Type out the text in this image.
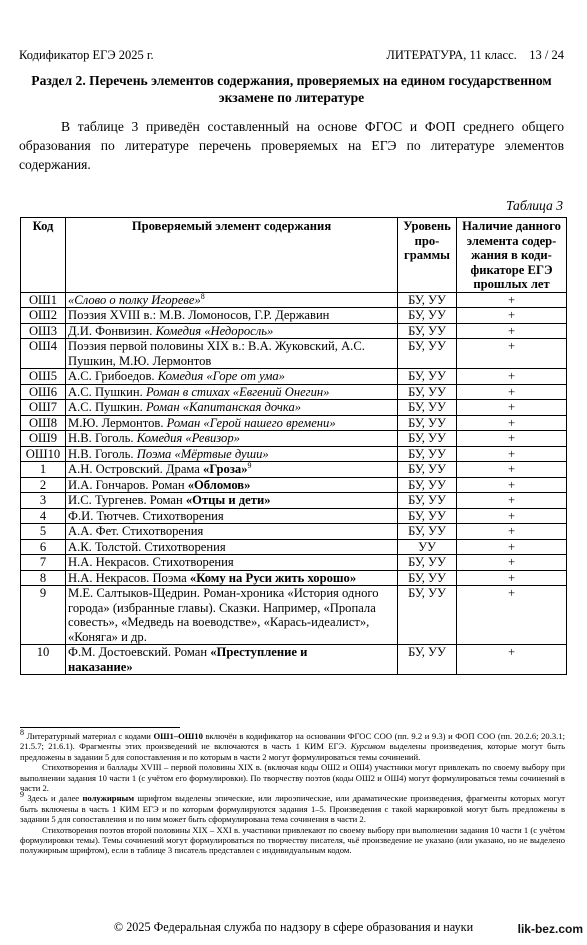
Кодификатор ЕГЭ 2025 г.	ЛИТЕРАТУРА, 11 класс.    13 / 24
Раздел 2. Перечень элементов содержания, проверяемых на едином государственном экзамене по литературе
В таблице 3 приведён составленный на основе ФГОС и ФОП среднего общего образования по литературе перечень проверяемых на ЕГЭ по литературе элементов содержания.
Таблица 3
Код	Проверяемый элемент содержания	Уровень про-граммы	Наличие данного элемента содер-жания в коди-фикаторе ЕГЭ прошлых лет
ОШ1	«Слово о полку Игореве»$^8$	БУ, УУ	+
ОШ2	Поэзия XVIII в.: М.В. Ломоносов, Г.Р. Державин	БУ, УУ	+
ОШ3	Д.И. Фонвизин. Комедия «Недоросль»	БУ, УУ	+
ОШ4	Поэзия первой половины XIX в.: В.А. Жуковский, А.С. Пушкин, М.Ю. Лермонтов	БУ, УУ	+
ОШ5	А.С. Грибоедов. Комедия «Горе от ума»	БУ, УУ	+
ОШ6	А.С. Пушкин. Роман в стихах «Евгений Онегин»	БУ, УУ	+
ОШ7	А.С. Пушкин. Роман «Капитанская дочка»	БУ, УУ	+
ОШ8	М.Ю. Лермонтов. Роман «Герой нашего времени»	БУ, УУ	+
ОШ9	Н.В. Гоголь. Комедия «Ревизор»	БУ, УУ	+
ОШ10	Н.В. Гоголь. Поэма «Мёртвые души»	БУ, УУ	+
1	А.Н. Островский. Драма «Гроза»$^9$	БУ, УУ	+
2	И.А. Гончаров. Роман «Обломов»	БУ, УУ	+
3	И.С. Тургенев. Роман «Отцы и дети»	БУ, УУ	+
4	Ф.И. Тютчев. Стихотворения	БУ, УУ	+
5	А.А. Фет. Стихотворения	БУ, УУ	+
6	А.К. Толстой. Стихотворения	УУ	+
7	Н.А. Некрасов. Стихотворения	БУ, УУ	+
8	Н.А. Некрасов. Поэма «Кому на Руси жить хорошо»	БУ, УУ	+
9	М.Е. Салтыков-Щедрин. Роман-хроника «История одного города» (избранные главы). Сказки. Например, «Пропала совесть», «Медведь на воеводстве», «Карась-идеалист», «Коняга» и др.	БУ, УУ	+
10	Ф.М. Достоевский. Роман «Преступление и
наказание»	БУ, УУ	+

$^8$ Литературный материал с кодами ОШ1–ОШ10 включён в кодификатор на основании ФГОС СОО (пп. 9.2 и 9.3) и ФОП СОО (пп. 20.2.6; 20.3.1; 21.5.7; 21.6.1). Фрагменты этих произведений не включаются в часть 1 КИМ ЕГЭ. Курсивом выделены произведения, которые могут быть предложены в задании 5 для сопоставления и по которым в части 2 могут формулироваться темы сочинений.

Стихотворения и баллады XVIII – первой половины XIX в. (включая коды ОШ2 и ОШ4) участники могут привлекать по своему выбору при выполнении задания 10 части 1 (с учётом его формулировки). По творчеству поэтов (коды ОШ2 и ОШ4) могут формулироваться темы сочинений в части 2.

$^9$ Здесь и далее полужирным шрифтом выделены эпические, или лироэпические, или драматические произведения, фрагменты которых могут быть включены в часть 1 КИМ ЕГЭ и по которым формулируются задания 1–5. Произведения с такой маркировкой могут быть предложены в задании 5 для сопоставления и по ним может быть сформулирована тема сочинения в части 2.

Стихотворения поэтов второй половины XIX – XXI в. участники привлекают по своему выбору при выполнении задания 10 части 1 (с учётом формулировки темы). Темы сочинений могут формулироваться по творчеству писателя, чьё произведение не указано (или указано, но не выделено полужирным шрифтом), если в таблице 3 писатель представлен с индивидуальным кодом.

© 2025 Федеральная служба по надзору в сфере образования и науки	lik-bez.com
